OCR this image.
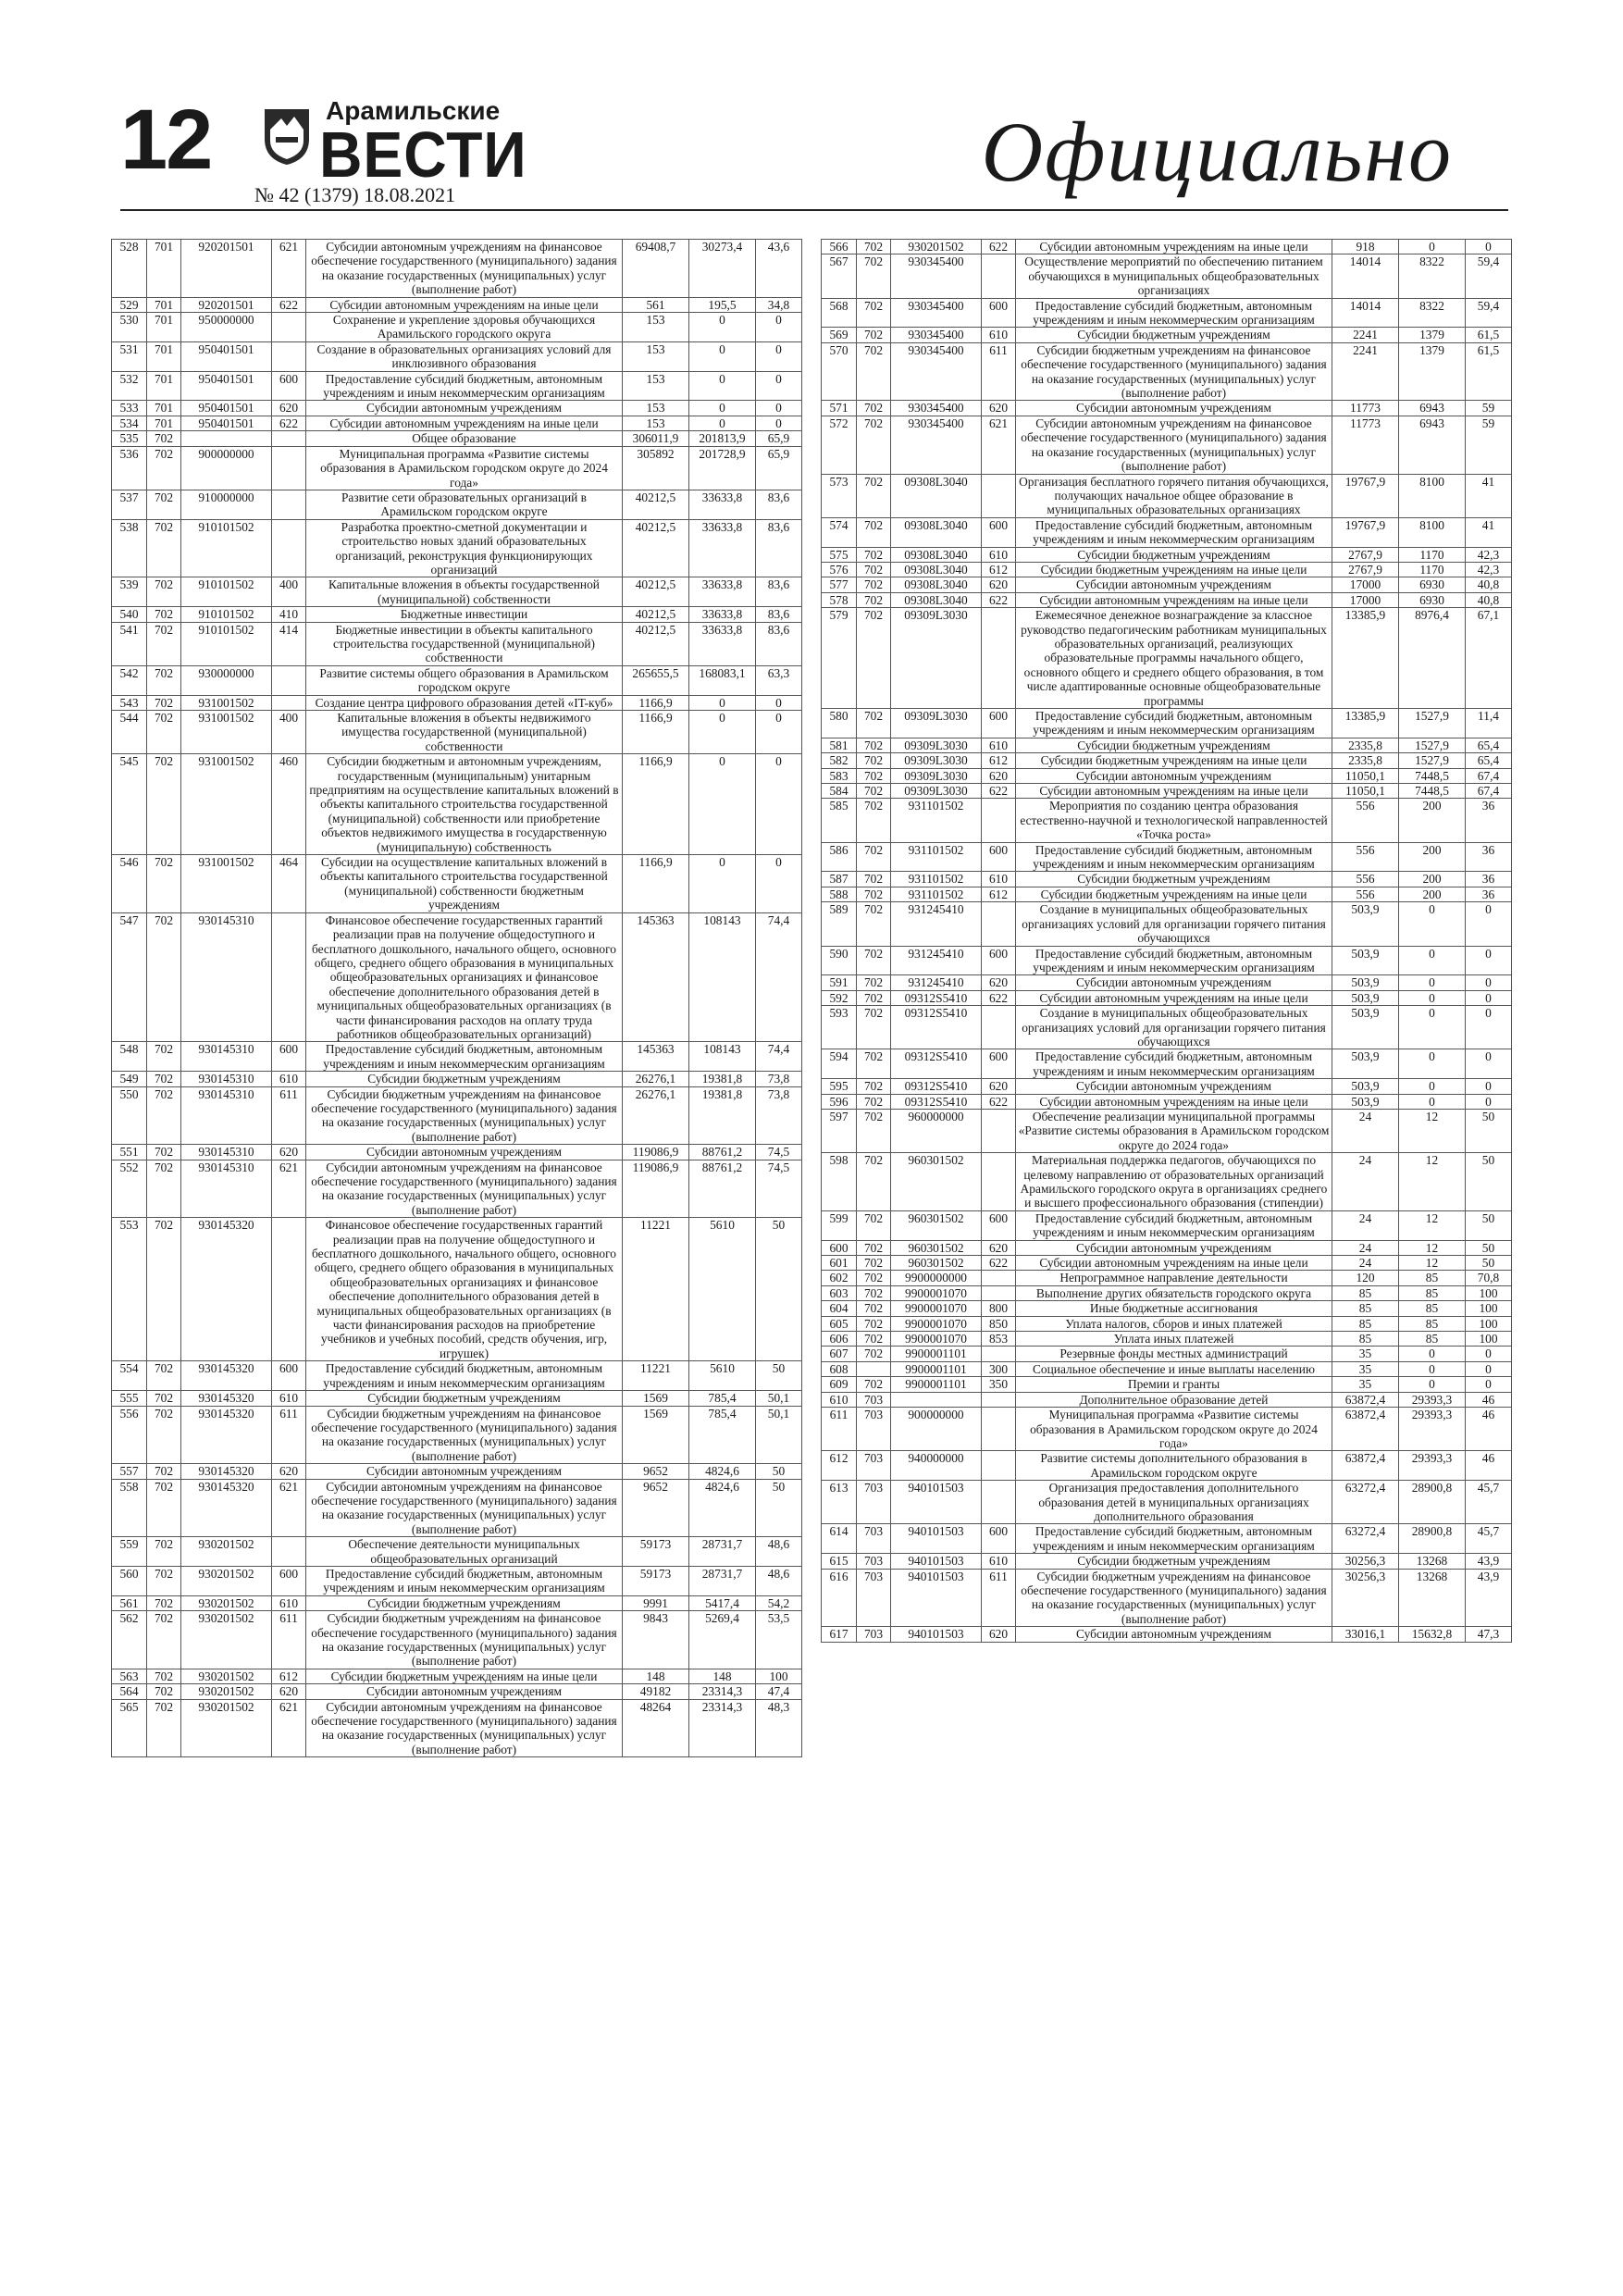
12	Арамильские
ВЕСТИ
№ 42 (1379) 18.08.2021	Официально
528	701	920201501	621	Субсидии автономным учреждениям на финансовое обеспечение государственного (муниципального) задания на оказание государственных (муниципальных) услуг (выполнение работ)	69408,7	30273,4	43,6
529	701	920201501	622	Субсидии автономным учреждениям на иные цели	561	195,5	34,8
530	701	950000000		Сохранение и укрепление здоровья обучающихся Арамильского городского округа	153	0	0
531	701	950401501		Создание в образовательных организациях условий для инклюзивного образования	153	0	0
532	701	950401501	600	Предоставление субсидий бюджетным, автономным учреждениям и иным некоммерческим организациям	153	0	0
533	701	950401501	620	Субсидии автономным учреждениям	153	0	0
534	701	950401501	622	Субсидии автономным учреждениям на иные цели	153	0	0
535	702			Общее образование	306011,9	201813,9	65,9
536	702	900000000		Муниципальная программа «Развитие системы образования в Арамильском городском округе до 2024 года»	305892	201728,9	65,9
537	702	910000000		Развитие сети образовательных организаций в Арамильском городском округе	40212,5	33633,8	83,6
538	702	910101502		Разработка проектно-сметной документации и строительство новых зданий образовательных организаций, реконструкция функционирующих организаций	40212,5	33633,8	83,6
539	702	910101502	400	Капитальные вложения в объекты государственной (муниципальной) собственности	40212,5	33633,8	83,6
540	702	910101502	410	Бюджетные инвестиции	40212,5	33633,8	83,6
541	702	910101502	414	Бюджетные инвестиции в объекты капитального строительства государственной (муниципальной) собственности	40212,5	33633,8	83,6
542	702	930000000		Развитие системы общего образования в Арамильском городском округе	265655,5	168083,1	63,3
543	702	931001502		Создание центра цифрового образования детей «IT-куб»	1166,9	0	0
544	702	931001502	400	Капитальные вложения в объекты недвижимого имущества государственной (муниципальной) собственности	1166,9	0	0
545	702	931001502	460	Субсидии бюджетным и автономным учреждениям, государственным (муниципальным) унитарным предприятиям на осуществление капитальных вложений в объекты капитального строительства государственной (муниципальной) собственности или приобретение объектов недвижимого имущества в государственную (муниципальную) собственность	1166,9	0	0
546	702	931001502	464	Субсидии на осуществление капитальных вложений в объекты капитального строительства государственной (муниципальной) собственности бюджетным учреждениям	1166,9	0	0
547	702	930145310		Финансовое обеспечение государственных гарантий реализации прав на получение общедоступного и бесплатного дошкольного, начального общего, основного общего, среднего общего образования в муниципальных общеобразовательных организациях и финансовое обеспечение дополнительного образования детей в муниципальных общеобразовательных организациях (в части финансирования расходов на оплату труда работников общеобразовательных организаций)	145363	108143	74,4
548	702	930145310	600	Предоставление субсидий бюджетным, автономным учреждениям и иным некоммерческим организациям	145363	108143	74,4
549	702	930145310	610	Субсидии бюджетным учреждениям	26276,1	19381,8	73,8
550	702	930145310	611	Субсидии бюджетным учреждениям на финансовое обеспечение государственного (муниципального) задания на оказание государственных (муниципальных) услуг (выполнение работ)	26276,1	19381,8	73,8
551	702	930145310	620	Субсидии автономным учреждениям	119086,9	88761,2	74,5
552	702	930145310	621	Субсидии автономным учреждениям на финансовое обеспечение государственного (муниципального) задания на оказание государственных (муниципальных) услуг (выполнение работ)	119086,9	88761,2	74,5
553	702	930145320		Финансовое обеспечение государственных гарантий реализации прав на получение общедоступного и бесплатного дошкольного, начального общего, основного общего, среднего общего образования в муниципальных общеобразовательных организациях и финансовое обеспечение дополнительного образования детей в муниципальных общеобразовательных организациях (в части финансирования расходов на приобретение учебников и учебных пособий, средств обучения, игр, игрушек)	11221	5610	50
554	702	930145320	600	Предоставление субсидий бюджетным, автономным учреждениям и иным некоммерческим организациям	11221	5610	50
555	702	930145320	610	Субсидии бюджетным учреждениям	1569	785,4	50,1
556	702	930145320	611	Субсидии бюджетным учреждениям на финансовое обеспечение государственного (муниципального) задания на оказание государственных (муниципальных) услуг (выполнение работ)	1569	785,4	50,1
557	702	930145320	620	Субсидии автономным учреждениям	9652	4824,6	50
558	702	930145320	621	Субсидии автономным учреждениям на финансовое обеспечение государственного (муниципального) задания на оказание государственных (муниципальных) услуг (выполнение работ)	9652	4824,6	50
559	702	930201502		Обеспечение деятельности муниципальных общеобразовательных организаций	59173	28731,7	48,6
560	702	930201502	600	Предоставление субсидий бюджетным, автономным учреждениям и иным некоммерческим организациям	59173	28731,7	48,6
561	702	930201502	610	Субсидии бюджетным учреждениям	9991	5417,4	54,2
562	702	930201502	611	Субсидии бюджетным учреждениям на финансовое обеспечение государственного (муниципального) задания на оказание государственных (муниципальных) услуг (выполнение работ)	9843	5269,4	53,5
563	702	930201502	612	Субсидии бюджетным учреждениям на иные цели	148	148	100
564	702	930201502	620	Субсидии автономным учреждениям	49182	23314,3	47,4
565	702	930201502	621	Субсидии автономным учреждениям на финансовое обеспечение государственного (муниципального) задания на оказание государственных (муниципальных) услуг (выполнение работ)	48264	23314,3	48,3
566	702	930201502	622	Субсидии автономным учреждениям на иные цели	918	0	0
567	702	930345400		Осуществление мероприятий по обеспечению питанием обучающихся в муниципальных общеобразовательных организациях	14014	8322	59,4
568	702	930345400	600	Предоставление субсидий бюджетным, автономным учреждениям и иным некоммерческим организациям	14014	8322	59,4
569	702	930345400	610	Субсидии бюджетным учреждениям	2241	1379	61,5
570	702	930345400	611	Субсидии бюджетным учреждениям на финансовое обеспечение государственного (муниципального) задания на оказание государственных (муниципальных) услуг (выполнение работ)	2241	1379	61,5
571	702	930345400	620	Субсидии автономным учреждениям	11773	6943	59
572	702	930345400	621	Субсидии автономным учреждениям на финансовое обеспечение государственного (муниципального) задания на оказание государственных (муниципальных) услуг (выполнение работ)	11773	6943	59
573	702	09308L3040		Организация бесплатного горячего питания обучающихся, получающих начальное общее образование в муниципальных образовательных организациях	19767,9	8100	41
574	702	09308L3040	600	Предоставление субсидий бюджетным, автономным учреждениям и иным некоммерческим организациям	19767,9	8100	41
575	702	09308L3040	610	Субсидии бюджетным учреждениям	2767,9	1170	42,3
576	702	09308L3040	612	Субсидии бюджетным учреждениям на иные цели	2767,9	1170	42,3
577	702	09308L3040	620	Субсидии автономным учреждениям	17000	6930	40,8
578	702	09308L3040	622	Субсидии автономным учреждениям на иные цели	17000	6930	40,8
579	702	09309L3030		Ежемесячное денежное вознаграждение за классное руководство педагогическим работникам муниципальных образовательных организаций, реализующих образовательные программы начального общего, основного общего и среднего общего образования, в том числе адаптированные основные общеобразовательные программы	13385,9	8976,4	67,1
580	702	09309L3030	600	Предоставление субсидий бюджетным, автономным учреждениям и иным некоммерческим организациям	13385,9	1527,9	11,4
581	702	09309L3030	610	Субсидии бюджетным учреждениям	2335,8	1527,9	65,4
582	702	09309L3030	612	Субсидии бюджетным учреждениям на иные цели	2335,8	1527,9	65,4
583	702	09309L3030	620	Субсидии автономным учреждениям	11050,1	7448,5	67,4
584	702	09309L3030	622	Субсидии автономным учреждениям на иные цели	11050,1	7448,5	67,4
585	702	931101502		Мероприятия по созданию центра образования естественно-научной и технологической направленностей «Точка роста»	556	200	36
586	702	931101502	600	Предоставление субсидий бюджетным, автономным учреждениям и иным некоммерческим организациям	556	200	36
587	702	931101502	610	Субсидии бюджетным учреждениям	556	200	36
588	702	931101502	612	Субсидии бюджетным учреждениям на иные цели	556	200	36
589	702	931245410		Создание в муниципальных общеобразовательных организациях условий для организации горячего питания обучающихся	503,9	0	0
590	702	931245410	600	Предоставление субсидий бюджетным, автономным учреждениям и иным некоммерческим организациям	503,9	0	0
591	702	931245410	620	Субсидии автономным учреждениям	503,9	0	0
592	702	09312S5410	622	Субсидии автономным учреждениям на иные цели	503,9	0	0
593	702	09312S5410		Создание в муниципальных общеобразовательных организациях условий для организации горячего питания обучающихся	503,9	0	0
594	702	09312S5410	600	Предоставление субсидий бюджетным, автономным учреждениям и иным некоммерческим организациям	503,9	0	0
595	702	09312S5410	620	Субсидии автономным учреждениям	503,9	0	0
596	702	09312S5410	622	Субсидии автономным учреждениям на иные цели	503,9	0	0
597	702	960000000		Обеспечение реализации муниципальной программы «Развитие системы образования в Арамильском городском округе до 2024 года»	24	12	50
598	702	960301502		Материальная поддержка педагогов, обучающихся по целевому направлению от образовательных организаций Арамильского городского округа в организациях среднего и высшего профессионального образования (стипендии)	24	12	50
599	702	960301502	600	Предоставление субсидий бюджетным, автономным учреждениям и иным некоммерческим организациям	24	12	50
600	702	960301502	620	Субсидии автономным учреждениям	24	12	50
601	702	960301502	622	Субсидии автономным учреждениям на иные цели	24	12	50
602	702	9900000000		Непрограммное направление деятельности	120	85	70,8
603	702	9900001070		Выполнение других обязательств городского округа	85	85	100
604	702	9900001070	800	Иные бюджетные ассигнования	85	85	100
605	702	9900001070	850	Уплата налогов, сборов и иных платежей	85	85	100
606	702	9900001070	853	Уплата иных платежей	85	85	100
607	702	9900001101		Резервные фонды местных администраций	35	0	0
608		9900001101	300	Социальное обеспечение и иные выплаты населению	35	0	0
609	702	9900001101	350	Премии и гранты	35	0	0
610	703			Дополнительное образование детей	63872,4	29393,3	46
611	703	900000000		Муниципальная программа «Развитие системы образования в Арамильском городском округе до 2024 года»	63872,4	29393,3	46
612	703	940000000		Развитие системы дополнительного образования в Арамильском городском округе	63872,4	29393,3	46
613	703	940101503		Организация предоставления дополнительного образования детей в муниципальных организациях дополнительного образования	63272,4	28900,8	45,7
614	703	940101503	600	Предоставление субсидий бюджетным, автономным учреждениям и иным некоммерческим организациям	63272,4	28900,8	45,7
615	703	940101503	610	Субсидии бюджетным учреждениям	30256,3	13268	43,9
616	703	940101503	611	Субсидии бюджетным учреждениям на финансовое обеспечение государственного (муниципального) задания на оказание государственных (муниципальных) услуг (выполнение работ)	30256,3	13268	43,9
617	703	940101503	620	Субсидии автономным учреждениям	33016,1	15632,8	47,3
